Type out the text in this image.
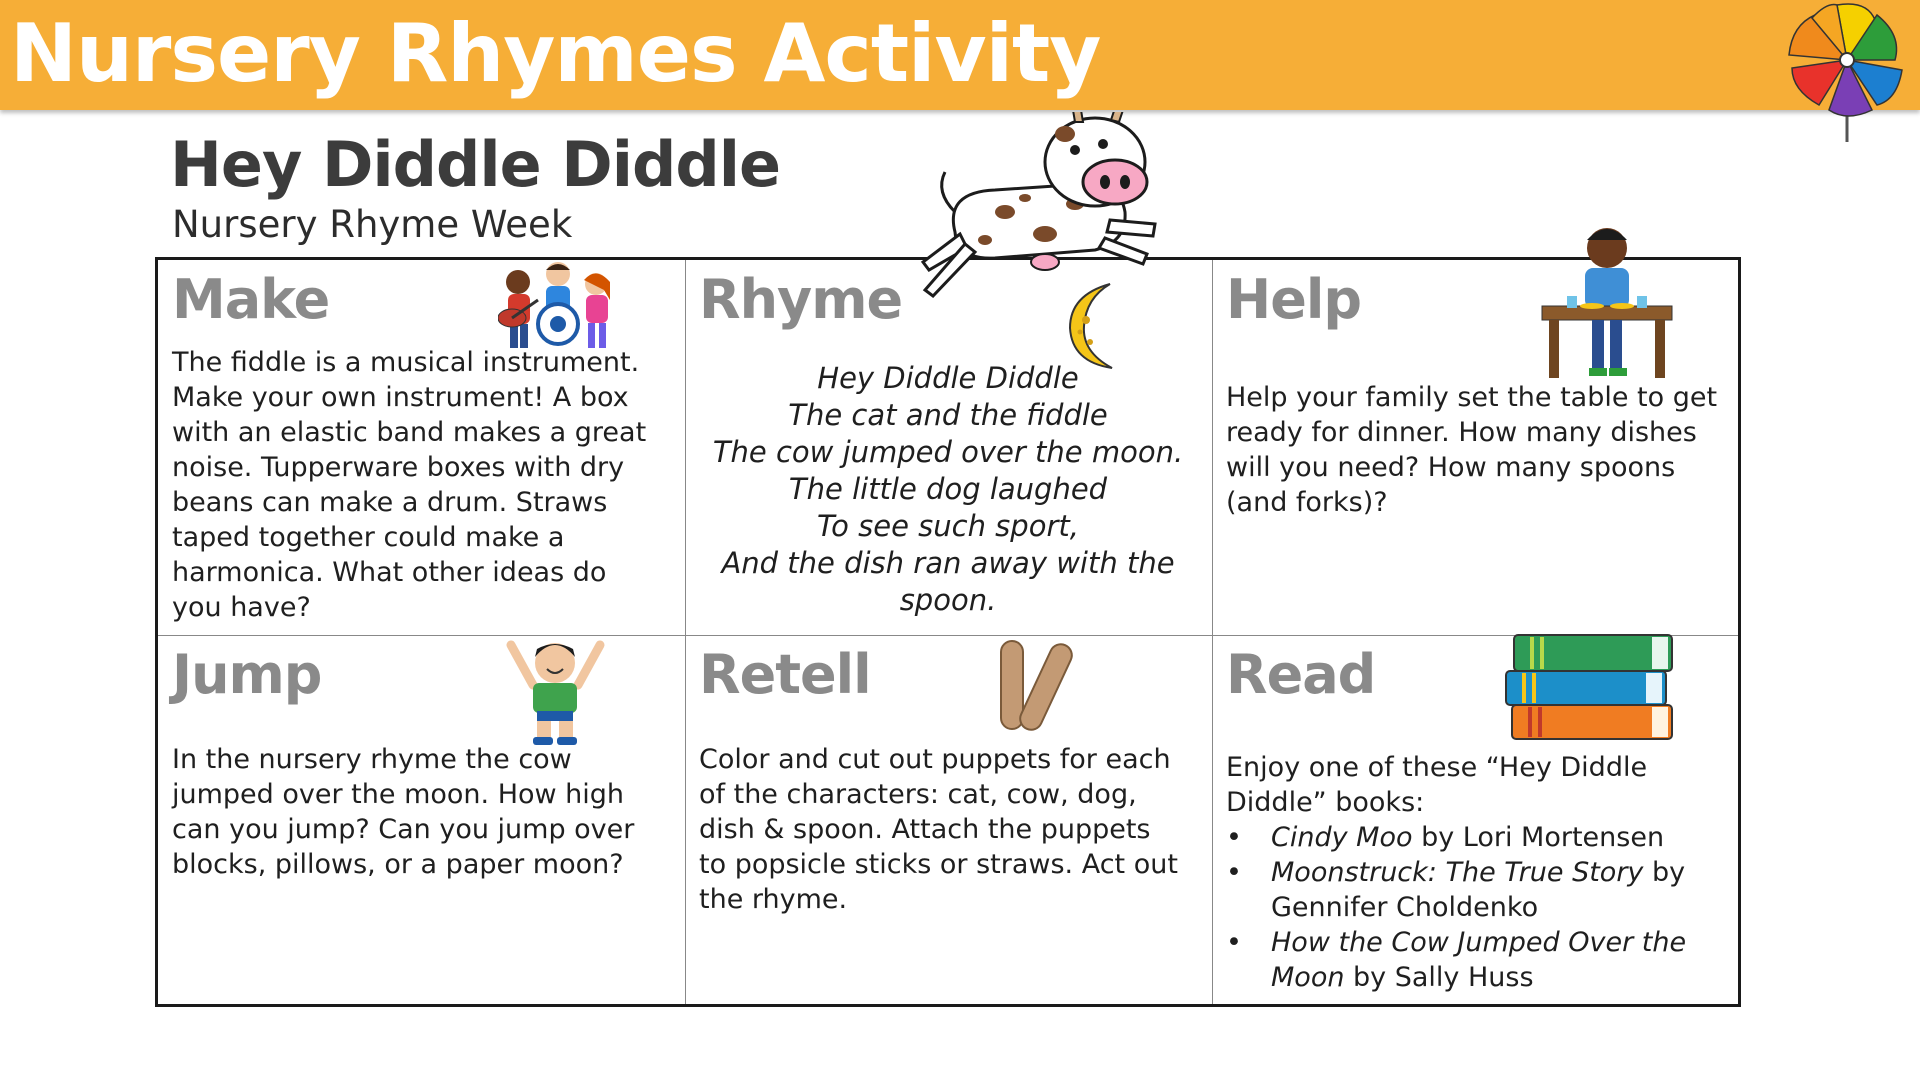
Nursery Rhymes Activity
Hey Diddle Diddle
Nursery Rhyme Week
Make
The fiddle is a musical instrument.
Make your own instrument! A box
with an elastic band makes a great
noise. Tupperware boxes with dry
beans can make a drum. Straws
taped together could make a
harmonica. What other ideas do
you have?
Rhyme
Hey Diddle Diddle
The cat and the fiddle
The cow jumped over the moon.
The little dog laughed
To see such sport,
And the dish ran away with the
spoon.
Help
Help your family set the table to get
ready for dinner. How many dishes
will you need? How many spoons
(and forks)?
Jump
In the nursery rhyme the cow
jumped over the moon. How high
can you jump? Can you jump over
blocks, pillows, or a paper moon?
Retell
Color and cut out puppets for each
of the characters: cat, cow, dog,
dish & spoon. Attach the puppets
to popsicle sticks or straws. Act out
the rhyme.
Read
Enjoy one of these “Hey Diddle
Diddle” books:
• Cindy Moo by Lori Mortensen
• Moonstruck: The True Story by Gennifer Choldenko
• How the Cow Jumped Over the Moon by Sally Huss
